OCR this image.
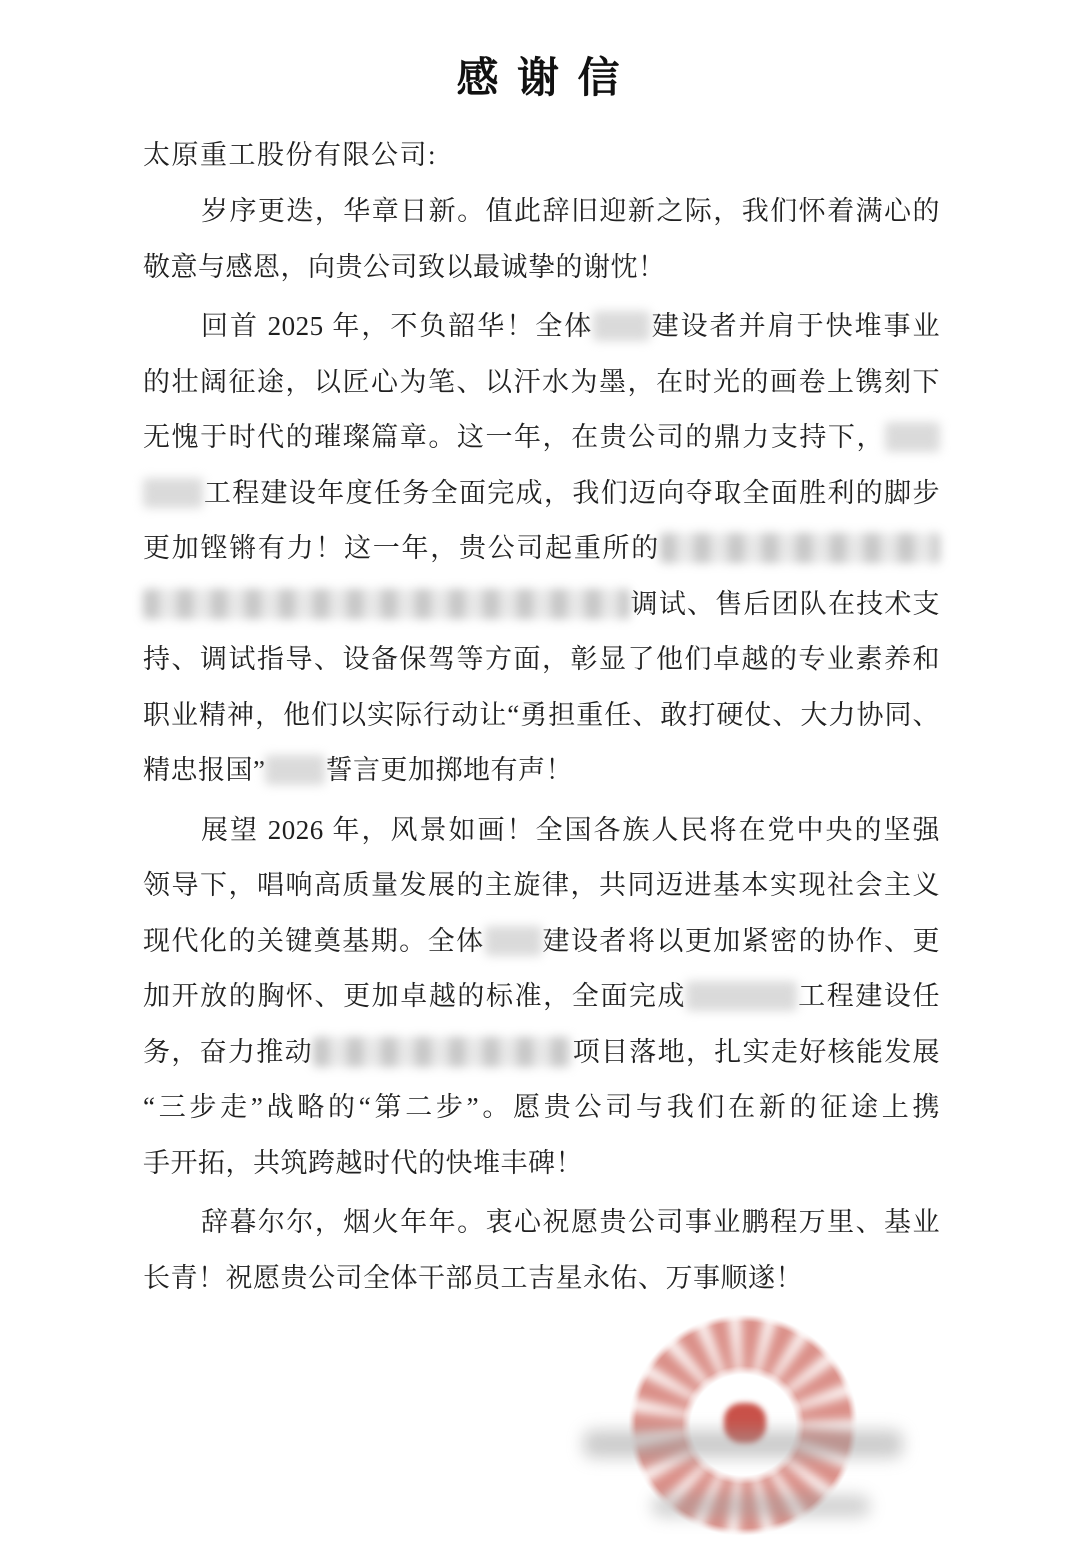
感 谢 信
太原重工股份有限公司:
岁序更迭，华章日新。值此辞旧迎新之际，我们怀着满心的
敬意与感恩，向贵公司致以最诚挚的谢忱！
回首 2025 年，不负韶华！全体 建设者并肩于快堆事业
的壮阔征途，以匠心为笔、以汗水为墨，在时光的画卷上镌刻下
无愧于时代的璀璨篇章。这一年，在贵公司的鼎力支持下，
工程建设年度任务全面完成，我们迈向夺取全面胜利的脚步
更加铿锵有力！这一年，贵公司起重所的
调试、售后团队在技术支
持、调试指导、设备保驾等方面，彰显了他们卓越的专业素养和
职业精神，他们以实际行动让“勇担重任、敢打硬仗、大力协同、
精忠报国” 誓言更加掷地有声！
展望 2026 年，风景如画！全国各族人民将在党中央的坚强
领导下，唱响高质量发展的主旋律，共同迈进基本实现社会主义
现代化的关键奠基期。全体 建设者将以更加紧密的协作、更
加开放的胸怀、更加卓越的标准，全面完成	工程建设任
务，奋力推动	项目落地，扎实走好核能发展
“三步走”战略的“第二步”。愿贵公司与我们在新的征途上携
手开拓，共筑跨越时代的快堆丰碑！
辞暮尔尔，烟火年年。衷心祝愿贵公司事业鹏程万里、基业
长青！祝愿贵公司全体干部员工吉星永佑、万事顺遂！
